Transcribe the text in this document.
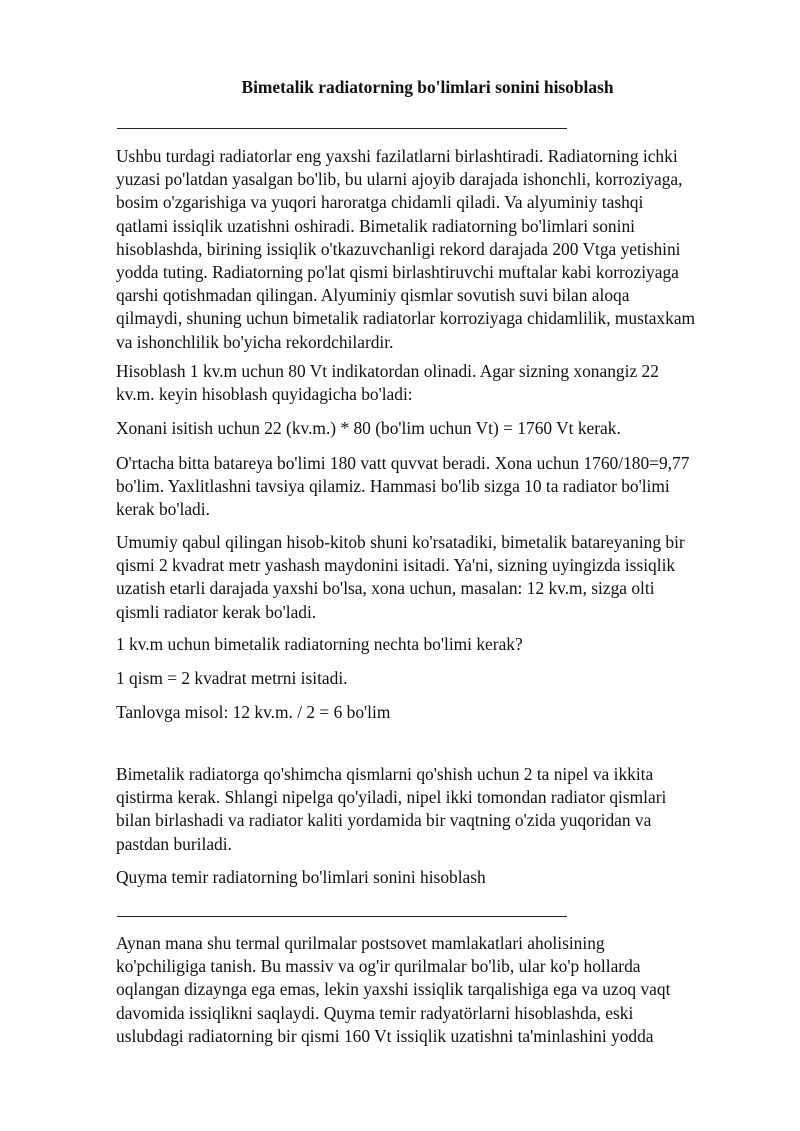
Bimetalik radiatorning bo'limlari sonini hisoblash
Ushbu turdagi radiatorlar eng yaxshi fazilatlarni birlashtiradi. Radiatorning ichki
yuzasi po'latdan yasalgan bo'lib, bu ularni ajoyib darajada ishonchli, korroziyaga,
bosim o'zgarishiga va yuqori haroratga chidamli qiladi. Va alyuminiy tashqi
qatlami issiqlik uzatishni oshiradi. Bimetalik radiatorning bo'limlari sonini
hisoblashda, birining issiqlik o'tkazuvchanligi rekord darajada 200 Vtga yetishini
yodda tuting. Radiatorning po'lat qismi birlashtiruvchi muftalar kabi korroziyaga
qarshi qotishmadan qilingan. Alyuminiy qismlar sovutish suvi bilan aloqa
qilmaydi, shuning uchun bimetalik radiatorlar korroziyaga chidamlilik, mustaxkam
va ishonchlilik bo'yicha rekordchilardir.
Hisoblash 1 kv.m uchun 80 Vt indikatordan olinadi. Agar sizning xonangiz 22
kv.m. keyin hisoblash quyidagicha bo'ladi:
Xonani isitish uchun 22 (kv.m.) * 80 (bo'lim uchun Vt) = 1760 Vt kerak.
O'rtacha bitta batareya bo'limi 180 vatt quvvat beradi. Xona uchun 1760/180=9,77
bo'lim. Yaxlitlashni tavsiya qilamiz. Hammasi bo'lib sizga 10 ta radiator bo'limi
kerak bo'ladi.
Umumiy qabul qilingan hisob-kitob shuni ko'rsatadiki, bimetalik batareyaning bir
qismi 2 kvadrat metr yashash maydonini isitadi. Ya'ni, sizning uyingizda issiqlik
uzatish etarli darajada yaxshi bo'lsa, xona uchun, masalan: 12 kv.m, sizga olti
qismli radiator kerak bo'ladi.
1 kv.m uchun bimetalik radiatorning nechta bo'limi kerak?
1 qism = 2 kvadrat metrni isitadi.
Tanlovga misol: 12 kv.m. / 2 = 6 bo'lim
Bimetalik radiatorga qo'shimcha qismlarni qo'shish uchun 2 ta nipel va ikkita
qistirma kerak. Shlangi nipelga qo'yiladi, nipel ikki tomondan radiator qismlari
bilan birlashadi va radiator kaliti yordamida bir vaqtning o'zida yuqoridan va
pastdan buriladi.
Quyma temir radiatorning bo'limlari sonini hisoblash
Aynan mana shu termal qurilmalar postsovet mamlakatlari aholisining
ko'pchiligiga tanish. Bu massiv va og'ir qurilmalar bo'lib, ular ko'p hollarda
oqlangan dizaynga ega emas, lekin yaxshi issiqlik tarqalishiga ega va uzoq vaqt
davomida issiqlikni saqlaydi. Quyma temir radyatörlarni hisoblashda, eski
uslubdagi radiatorning bir qismi 160 Vt issiqlik uzatishni ta'minlashini yodda
